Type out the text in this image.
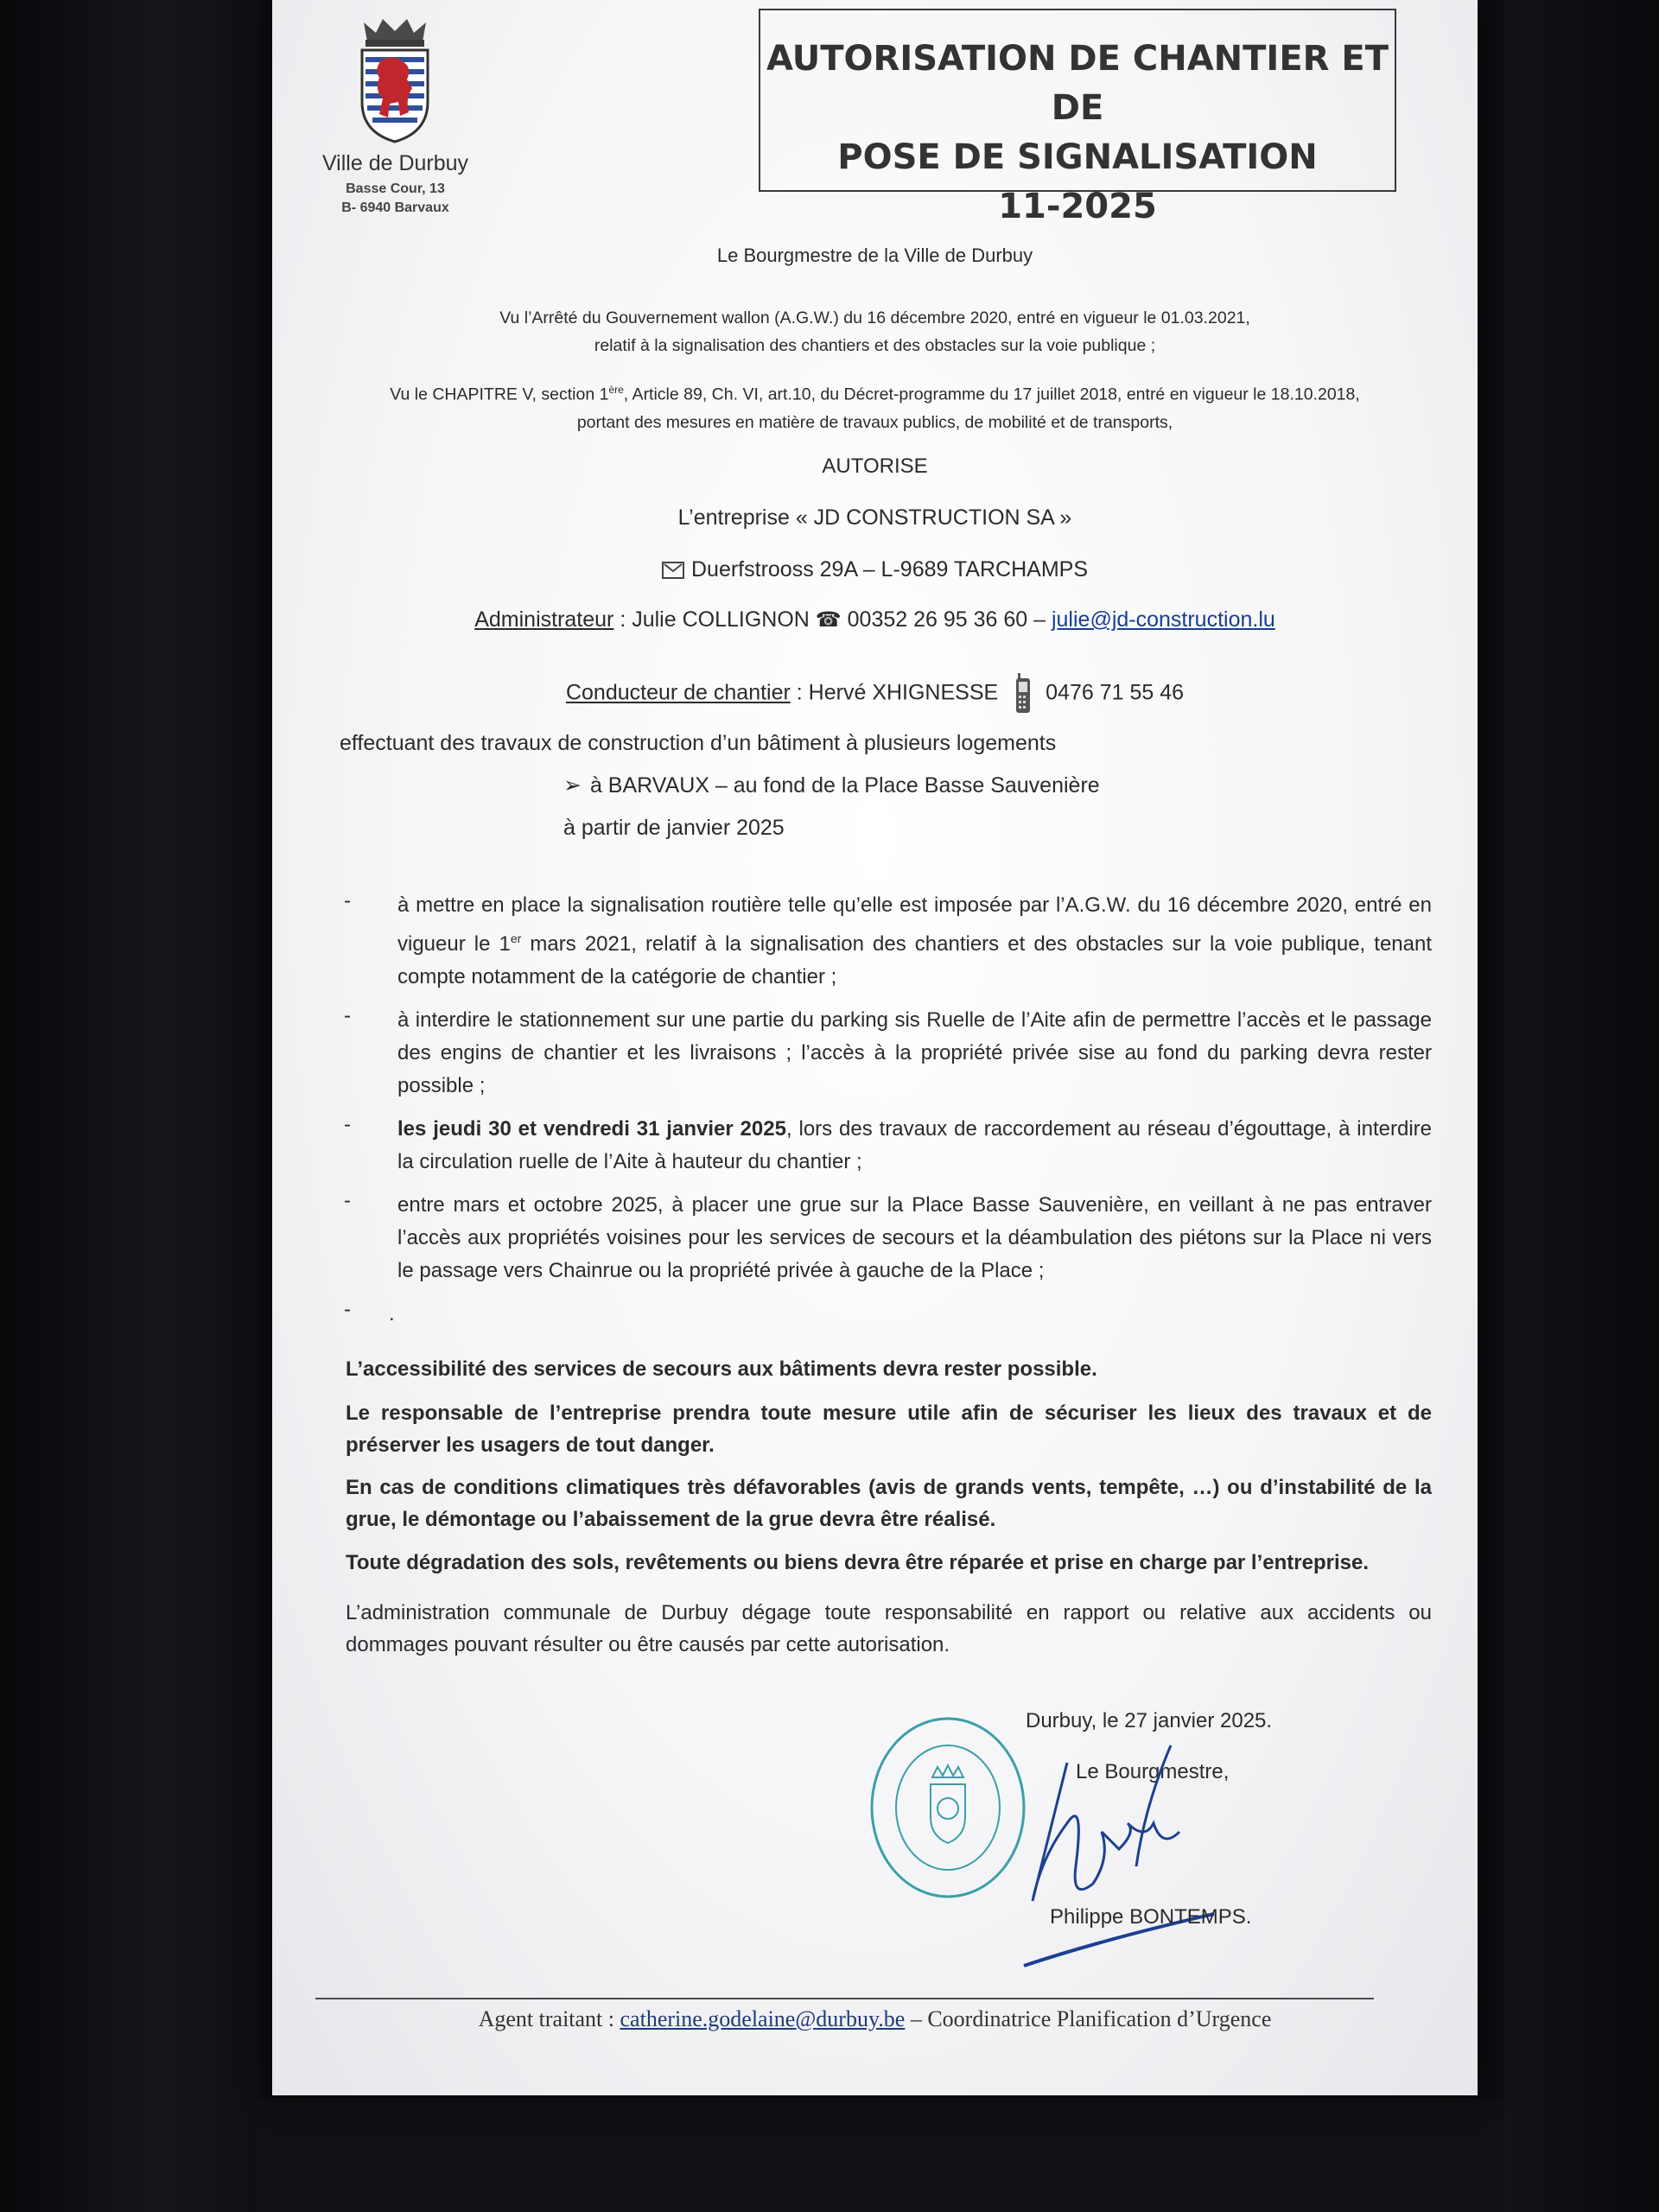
Ville de Durbuy
Basse Cour, 13
B- 6940 Barvaux
AUTORISATION DE CHANTIER ET DE
POSE DE SIGNALISATION
11-2025
Le Bourgmestre de la Ville de Durbuy
Vu l’Arrêté du Gouvernement wallon (A.G.W.) du 16 décembre 2020, entré en vigueur le 01.03.2021,
relatif à la signalisation des chantiers et des obstacles sur la voie publique ;
Vu le CHAPITRE V, section 1ère, Article 89, Ch. VI, art.10, du Décret-programme du 17 juillet 2018, entré en vigueur le 18.10.2018,
portant des mesures en matière de travaux publics, de mobilité et de transports,
AUTORISE
L’entreprise « JD CONSTRUCTION SA »
Duerfstrooss 29A – L-9689 TARCHAMPS
Administrateur : Julie COLLIGNON ☎ 00352 26 95 36 60 – julie@jd-construction.lu
Conducteur de chantier : Hervé XHIGNESSE 0476 71 55 46
effectuant des travaux de construction d’un bâtiment à plusieurs logements
➢ à BARVAUX – au fond de la Place Basse Sauvenière
à partir de janvier 2025
- à mettre en place la signalisation routière telle qu’elle est imposée par l’A.G.W. du 16 décembre 2020, entré en vigueur le 1er mars 2021, relatif à la signalisation des chantiers et des obstacles sur la voie publique, tenant compte notamment de la catégorie de chantier ;
- à interdire le stationnement sur une partie du parking sis Ruelle de l’Aite afin de permettre l’accès et le passage des engins de chantier et les livraisons ; l’accès à la propriété privée sise au fond du parking devra rester possible ;
- les jeudi 30 et vendredi 31 janvier 2025, lors des travaux de raccordement au réseau d’égouttage, à interdire la circulation ruelle de l’Aite à hauteur du chantier ;
- entre mars et octobre 2025, à placer une grue sur la Place Basse Sauvenière, en veillant à ne pas entraver l’accès aux propriétés voisines pour les services de secours et la déambulation des piétons sur la Place ni vers le passage vers Chainrue ou la propriété privée à gauche de la Place ;
- .
L’accessibilité des services de secours aux bâtiments devra rester possible.
Le responsable de l’entreprise prendra toute mesure utile afin de sécuriser les lieux des travaux et de préserver les usagers de tout danger.
En cas de conditions climatiques très défavorables (avis de grands vents, tempête, …) ou d’instabilité de la grue, le démontage ou l’abaissement de la grue devra être réalisé.
Toute dégradation des sols, revêtements ou biens devra être réparée et prise en charge par l’entreprise.
L’administration communale de Durbuy dégage toute responsabilité en rapport ou relative aux accidents ou dommages pouvant résulter ou être causés par cette autorisation.
Durbuy, le 27 janvier 2025.
Le Bourgmestre,
Philippe BONTEMPS.
Agent traitant : catherine.godelaine@durbuy.be – Coordinatrice Planification d’Urgence
